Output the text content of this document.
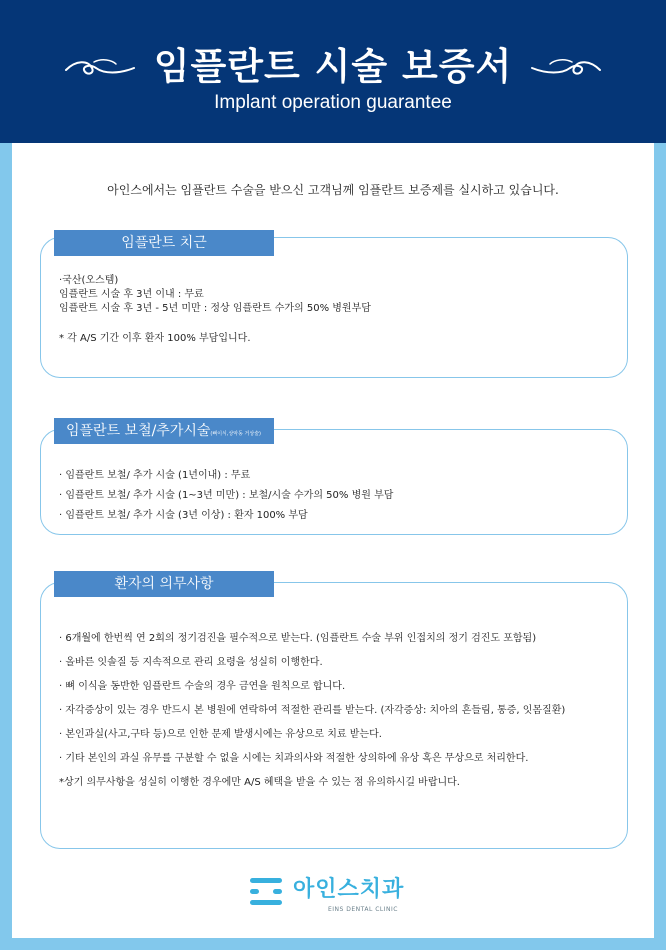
임플란트 시술 보증서
Implant operation guarantee
아인스에서는 임플란트 수술을 받으신 고객님께 임플란트 보증제를 실시하고 있습니다.
·국산(오스템)
임플란트 시술 후 3년 이내 : 무료
임플란트 시술 후 3년 - 5년 미만 : 정상 임플란트 수가의 50% 병원부담
* 각 A/S 기간 이후 환자 100% 부담입니다.
임플란트 치근
· 임플란트 보철/ 추가 시술 (1년이내) : 무료
· 임플란트 보철/ 추가 시술 (1~3년 미만) : 보철/시술 수가의 50% 병원 부담
· 임플란트 보철/ 추가 시술 (3년 이상) : 환자 100% 부담
임플란트 보철/추가시술(뼈이식,상악동 거상술)
· 6개월에 한번씩 연 2회의 정기검진을 필수적으로 받는다. (임플란트 수술 부위 인접치의 정기 검진도 포함됨)
· 올바른 잇솔질 등 지속적으로 관리 요령을 성실히 이행한다.
· 뼈 이식을 동반한 임플란트 수술의 경우 금연을 원칙으로 합니다.
· 자각증상이 있는 경우 반드시 본 병원에 연락하여 적절한 관리를 받는다. (자각증상: 치아의 흔들림, 통증, 잇몸질환)
· 본인과실(사고,구타 등)으로 인한 문제 발생시에는 유상으로 치료 받는다.
· 기타 본인의 과실 유무를 구분할 수 없을 시에는 치과의사와 적절한 상의하에 유상 혹은 무상으로 처리한다.
*상기 의무사항을 성실히 이행한 경우에만 A/S 혜택을 받을 수 있는 점 유의하시길 바랍니다.
환자의 의무사항
아인스치과
EINS DENTAL CLINIC
